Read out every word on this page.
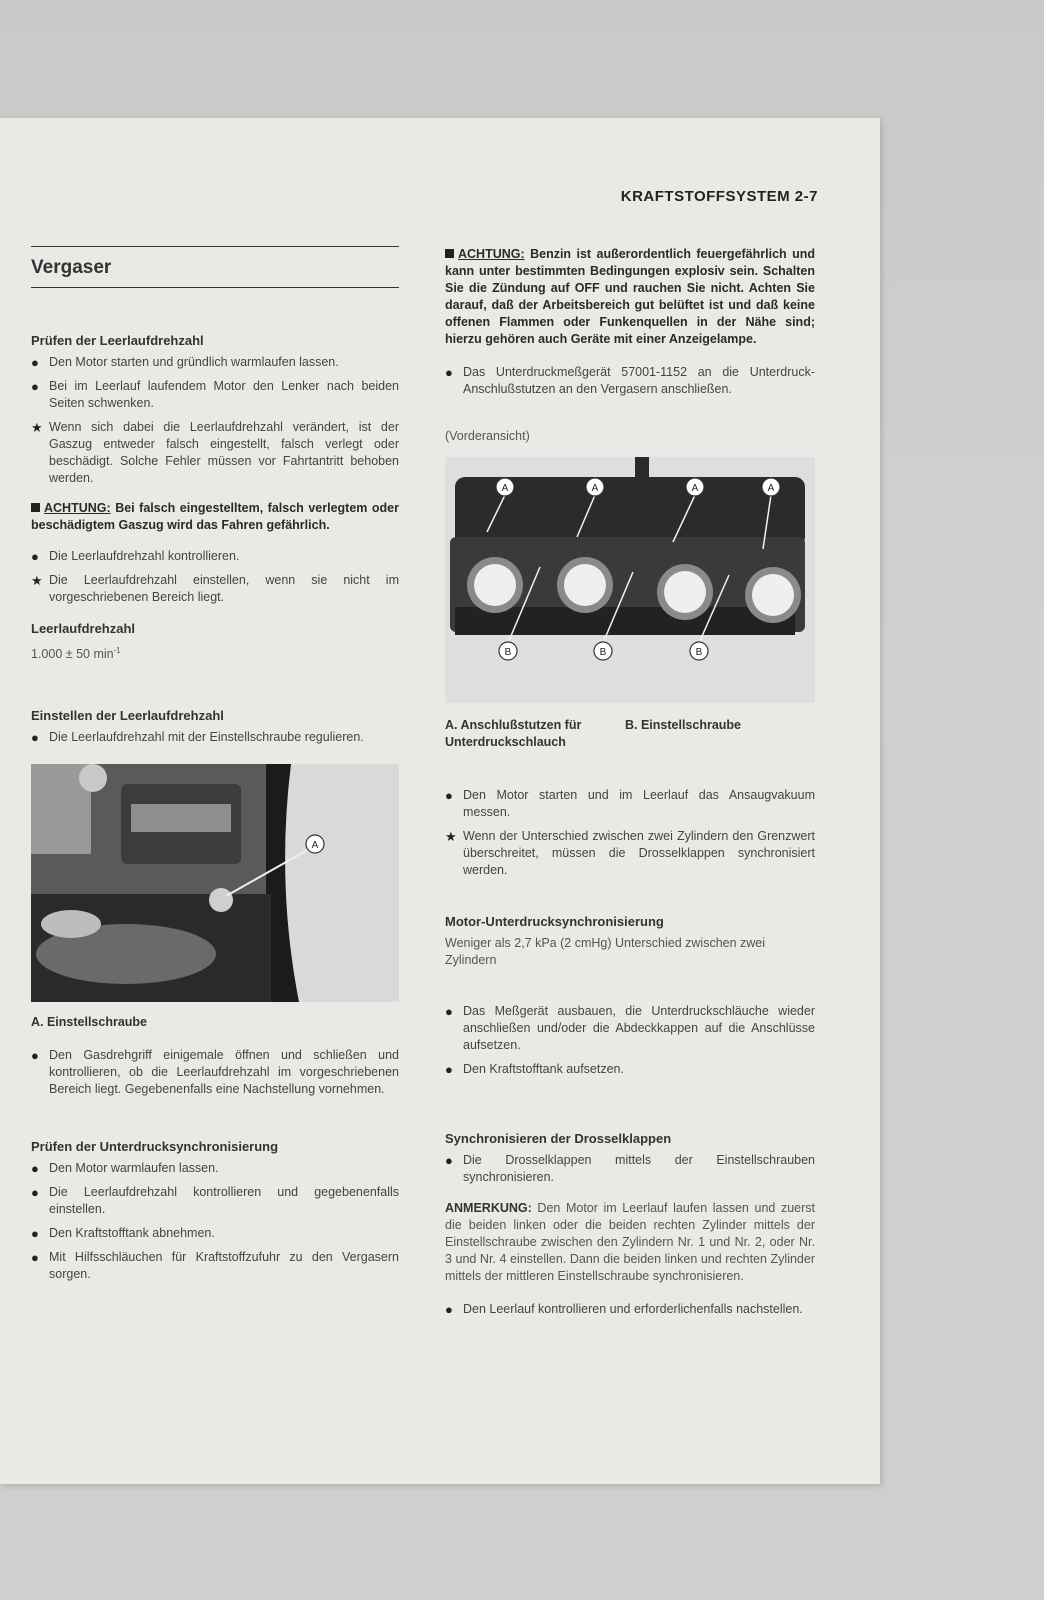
KRAFTSTOFFSYSTEM 2-7
Vergaser
Prüfen der Leerlaufdrehzahl
● Den Motor starten und gründlich warmlaufen lassen.
● Bei im Leerlauf laufendem Motor den Lenker nach beiden Seiten schwenken.
★ Wenn sich dabei die Leerlaufdrehzahl verändert, ist der Gaszug entweder falsch eingestellt, falsch verlegt oder beschädigt. Solche Fehler müssen vor Fahrtantritt behoben werden.

ACHTUNG: Bei falsch eingestelltem, falsch verlegtem oder beschädigtem Gaszug wird das Fahren gefährlich.

● Die Leerlaufdrehzahl kontrollieren.
★ Die Leerlaufdrehzahl einstellen, wenn sie nicht im vorgeschriebenen Bereich liegt.
Leerlaufdrehzahl

1.000 ± 50 $\min^{-1}$

Einstellen der Leerlaufdrehzahl
● Die Leerlaufdrehzahl mit der Einstellschraube regulieren.
A
A. Einstellschraube
● Den Gasdrehgriff einigemale öffnen und schließen und kontrollieren, ob die Leerlaufdrehzahl im vorgeschriebenen Bereich liegt. Gegebenenfalls eine Nachstellung vornehmen.
Prüfen der Unterdrucksynchronisierung
● Den Motor warmlaufen lassen.
● Die Leerlaufdrehzahl kontrollieren und gegebenenfalls einstellen.
● Den Kraftstofftank abnehmen.
● Mit Hilfsschläuchen für Kraftstoffzufuhr zu den Vergasern sorgen.

ACHTUNG: Benzin ist außerordentlich feuergefährlich und kann unter bestimmten Bedingungen explosiv sein. Schalten Sie die Zündung auf OFF und rauchen Sie nicht. Achten Sie darauf, daß der Arbeitsbereich gut belüftet ist und daß keine offenen Flammen oder Funkenquellen in der Nähe sind; hierzu gehören auch Geräte mit einer Anzeigelampe.

● Das Unterdruckmeßgerät 57001-1152 an die Unterdruck-Anschlußstutzen an den Vergasern anschließen.
(Vorderansicht)
A	A	A	A
B	B	B
A. Anschlußstutzen für Unterdruckschlauch
B. Einstellschraube
● Den Motor starten und im Leerlauf das Ansaugvakuum messen.
★ Wenn der Unterschied zwischen zwei Zylindern den Grenzwert überschreitet, müssen die Drosselklappen synchronisiert werden.
Motor-Unterdrucksynchronisierung

Weniger als 2,7 kPa (2 cmHg) Unterschied zwischen zwei Zylindern

● Das Meßgerät ausbauen, die Unterdruckschläuche wieder anschließen und/oder die Abdeckkappen auf die Anschlüsse aufsetzen.
● Den Kraftstofftank aufsetzen.
Synchronisieren der Drosselklappen
● Die Drosselklappen mittels der Einstellschrauben synchronisieren.

ANMERKUNG: Den Motor im Leerlauf laufen lassen und zuerst die beiden linken oder die beiden rechten Zylinder mittels der Einstellschraube zwischen den Zylindern Nr. 1 und Nr. 2, oder Nr. 3 und Nr. 4 einstellen. Dann die beiden linken und rechten Zylinder mittels der mittleren Einstellschraube synchronisieren.

● Den Leerlauf kontrollieren und erforderlichenfalls nachstellen.
